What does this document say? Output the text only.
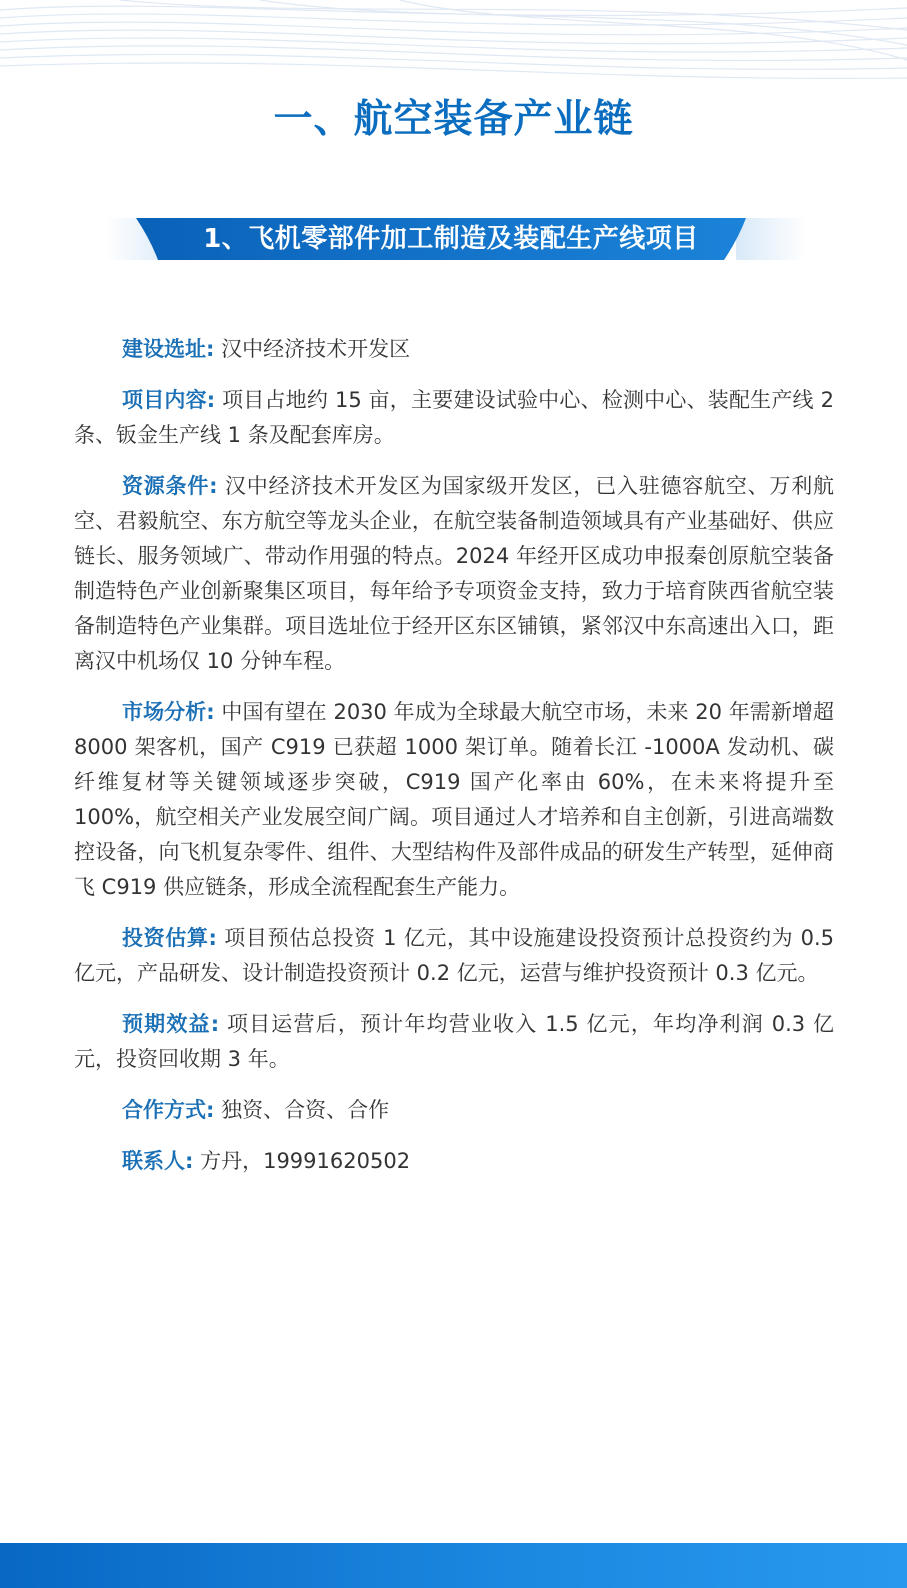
一、航空装备产业链
1、飞机零部件加工制造及装配生产线项目

建设选址: 汉中经济技术开发区

项目内容: 项目占地约 15 亩，主要建设试验中心、检测中心、装配生产线 2 条、钣金生产线 1 条及配套库房。

资源条件: 汉中经济技术开发区为国家级开发区，已入驻德容航空、万利航空、君毅航空、东方航空等龙头企业，在航空装备制造领域具有产业基础好、供应链长、服务领域广、带动作用强的特点。2024 年经开区成功申报秦创原航空装备制造特色产业创新聚集区项目，每年给予专项资金支持，致力于培育陕西省航空装备制造特色产业集群。项目选址位于经开区东区铺镇，紧邻汉中东高速出入口，距离汉中机场仅 10 分钟车程。

市场分析: 中国有望在 2030 年成为全球最大航空市场，未来 20 年需新增超 8000 架客机，国产 C919 已获超 1000 架订单。随着长江 -1000A 发动机、碳纤维复材等关键领域逐步突破，C919 国产化率由 60%，在未来将提升至 100%，航空相关产业发展空间广阔。项目通过人才培养和自主创新，引进高端数控设备，向飞机复杂零件、组件、大型结构件及部件成品的研发生产转型，延伸商飞 C919 供应链条，形成全流程配套生产能力。

投资估算: 项目预估总投资 1 亿元，其中设施建设投资预计总投资约为 0.5 亿元，产品研发、设计制造投资预计 0.2 亿元，运营与维护投资预计 0.3 亿元。

预期效益: 项目运营后，预计年均营业收入 1.5 亿元，年均净利润 0.3 亿元，投资回收期 3 年。

合作方式: 独资、合资、合作

联系人: 方丹，19991620502
